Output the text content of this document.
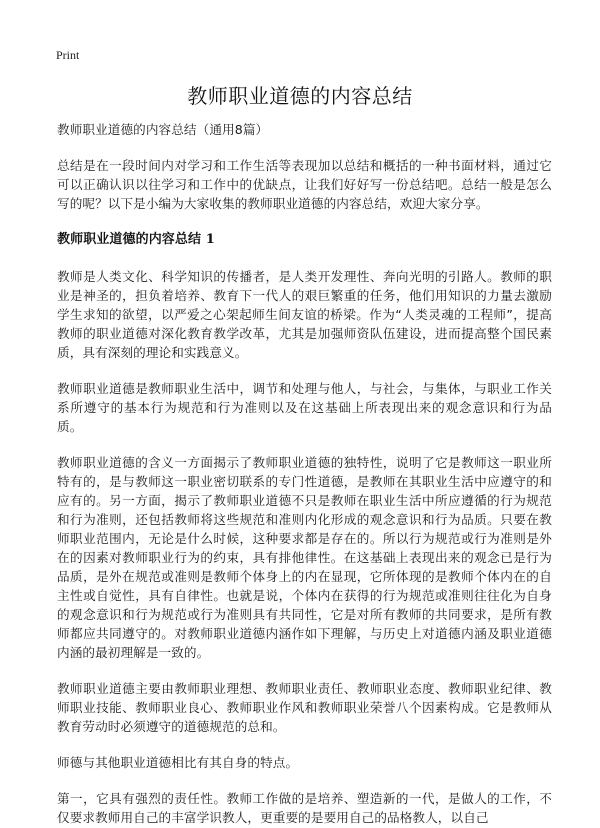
Print
教师职业道德的内容总结

教师职业道德的内容总结（通用8篇）

总结是在一段时间内对学习和工作生活等表现加以总结和概括的一种书面材料，通过它可以正确认识以往学习和工作中的优缺点，让我们好好写一份总结吧。总结一般是怎么写的呢？以下是小编为大家收集的教师职业道德的内容总结，欢迎大家分享。

教师职业道德的内容总结 1

教师是人类文化、科学知识的传播者，是人类开发理性、奔向光明的引路人。教师的职业是神圣的，担负着培养、教育下一代人的艰巨繁重的任务，他们用知识的力量去激励学生求知的欲望，以严爱之心架起师生间友谊的桥梁。作为“人类灵魂的工程师”，提高教师的职业道德对深化教育教学改革，尤其是加强师资队伍建设，进而提高整个国民素质，具有深刻的理论和实践意义。

教师职业道德是教师职业生活中，调节和处理与他人，与社会，与集体，与职业工作关系所遵守的基本行为规范和行为准则以及在这基础上所表现出来的观念意识和行为品质。

教师职业道德的含义一方面揭示了教师职业道德的独特性，说明了它是教师这一职业所特有的，是与教师这一职业密切联系的专门性道德，是教师在其职业生活中应遵守的和应有的。另一方面，揭示了教师职业道德不只是教师在职业生活中所应遵循的行为规范和行为准则，还包括教师将这些规范和准则内化形成的观念意识和行为品质。只要在教师职业范围内，无论是什么时候，这种要求都是存在的。所以行为规范或行为准则是外在的因素对教师职业行为的约束，具有排他律性。在这基础上表现出来的观念已是行为品质，是外在规范或准则是教师个体身上的内在显现，它所体现的是教师个体内在的自主性或自觉性，具有自律性。也就是说，个体内在获得的行为规范或准则往往化为自身的观念意识和行为规范或行为准则具有共同性，它是对所有教师的共同要求，是所有教师都应共同遵守的。对教师职业道德内涵作如下理解，与历史上对道德内涵及职业道德内涵的最初理解是一致的。

教师职业道德主要由教师职业理想、教师职业责任、教师职业态度、教师职业纪律、教师职业技能、教师职业良心、教师职业作风和教师职业荣誉八个因素构成。它是教师从教育劳动时必须遵守的道德规范的总和。

师德与其他职业道德相比有其自身的特点。

第一，它具有强烈的责任性。教师工作做的是培养、塑造新的一代，是做人的工作，不仅要求教师用自己的丰富学识教人，更重要的是要用自己的品格教人，以自己
